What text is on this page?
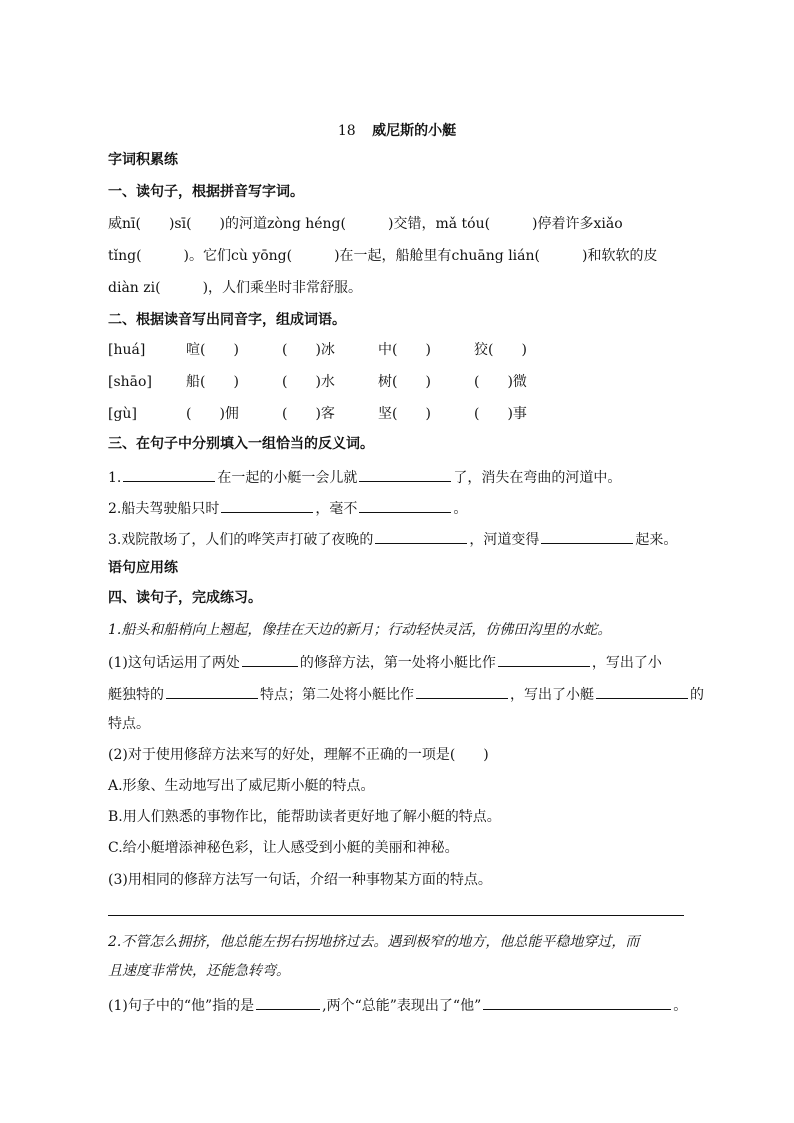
18 威尼斯的小艇
字词积累练
一、读句子，根据拼音写字词。
威nī(　　)sī(　　)的河道zòng héng(　　　)交错，mǎ tóu(　　　)停着许多xiǎo
tǐng(　　　)。它们cù yōng(　　　)在一起，船舱里有chuāng lián(　　　)和软软的皮
diàn zi(　　　)，人们乘坐时非常舒服。
二、根据读音写出同音字，组成词语。
[huá]	喧(　　)	(　　)冰	中(　　)	狡(　　)
[shāo] 船(　　)	(　　)水	树(　　)	(　　)微
[gù]	(　　)佣	(　　)客	坚(　　)	(　　)事
三、在句子中分别填入一组恰当的反义词。
1.	在一起的小艇一会儿就	了，消失在弯曲的河道中。
2.船夫驾驶船只时	，毫不	。
3.戏院散场了，人们的哗笑声打破了夜晚的	，河道变得	起来。
语句应用练
四、读句子，完成练习。
1.船头和船梢向上翘起，像挂在天边的新月；行动轻快灵活，仿佛田沟里的水蛇。
(1)这句话运用了两处	的修辞方法，第一处将小艇比作	，写出了小
艇独特的	特点；第二处将小艇比作	，写出了小艇	的
特点。
(2)对于使用修辞方法来写的好处，理解不正确的一项是(　　)
A.形象、生动地写出了威尼斯小艇的特点。
B.用人们熟悉的事物作比，能帮助读者更好地了解小艇的特点。
C.给小艇增添神秘色彩，让人感受到小艇的美丽和神秘。
(3)用相同的修辞方法写一句话，介绍一种事物某方面的特点。
2.不管怎么拥挤，他总能左拐右拐地挤过去。遇到极窄的地方，他总能平稳地穿过，而
且速度非常快，还能急转弯。
(1)句子中的“他”指的是	,两个“总能”表现出了“他”	。
